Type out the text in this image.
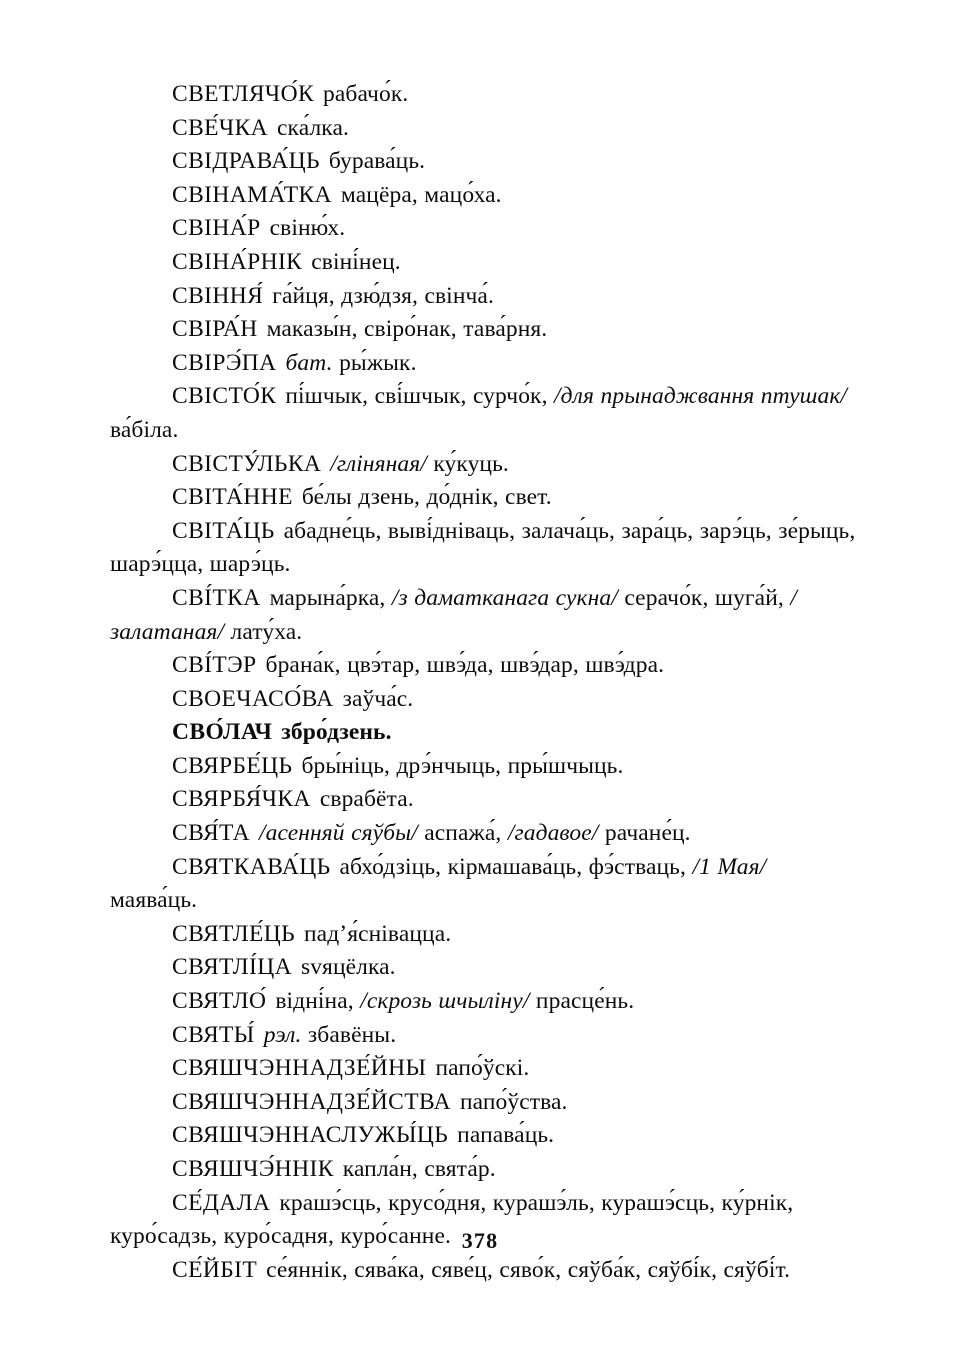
СВЕТЛЯЧО́К рабачо́к.

СВЕ́ЧКА ска́лка.

СВІДРАВА́ЦЬ бурава́ць.

СВІНАМА́ТКА мацёра, мацо́ха.

СВІНА́Р свіню́х.

СВІНА́РНІК свіні́нец.

СВІННЯ́ га́йця, дзю́дзя, свінча́.

СВІРА́Н маказы́н, свіро́нак, тава́рня.

СВІРЭ́ПА бат. ры́жык.

СВІСТО́К пі́шчык, сві́шчык, сурчо́к, /для прынаджвання птушак/ ва́біла.

СВІСТУ́ЛЬКА /гліняная/ ку́куць.

СВІТА́ННЕ бе́лы дзень, до́днік, свет.

СВІТА́ЦЬ абадне́ць, выві́дніваць, залача́ць, зара́ць, зарэ́ць, зе́рыць, шарэ́цца, шарэ́ць.

СВІ́ТКА марына́рка, /з даматканага сукна/ серачо́к, шуга́й, /залатаная/ лату́ха.

СВІ́ТЭР брана́к, цвэ́тар, швэ́да, швэ́дар, швэ́дра.

СВОЕЧАСО́ВА заўча́с.

СВО́ЛАЧ збро́дзень.

СВЯРБЕ́ЦЬ бры́ніць, дрэ́нчыць, пры́шчыць.

СВЯРБЯ́ЧКА сврабёта.

СВЯ́ТА /асенняй сяўбы/ аспажа́, /гадавое/ рачане́ц.

СВЯТКАВА́ЦЬ абхо́дзіць, кірмашава́ць, фэ́стваць, /1 Мая/ маява́ць.

СВЯТЛЕ́ЦЬ пад’я́снівацца.

СВЯТЛІ́ЦА svяцёлка.

СВЯТЛО́ відні́на, /скрозь шчыліну/ прасце́нь.

СВЯТЫ́ рэл. збавёны.

СВЯШЧЭННАДЗЕ́ЙНЫ папо́ўскі.

СВЯШЧЭННАДЗЕ́ЙСТВА папо́ўства.

СВЯШЧЭННАСЛУЖЫ́ЦЬ папава́ць.

СВЯШЧЭ́ННІК капла́н, свята́р.

СЕ́ДАЛА крашэ́сць, крусо́дня, курашэ́ль, курашэ́сць, ку́рнік, куро́садзь, куро́садня, куро́санне.

СЕ́ЙБІТ се́яннік, сява́ка, сяве́ц, сяво́к, сяўба́к, сяўбі́к, сяўбі́т.

378
